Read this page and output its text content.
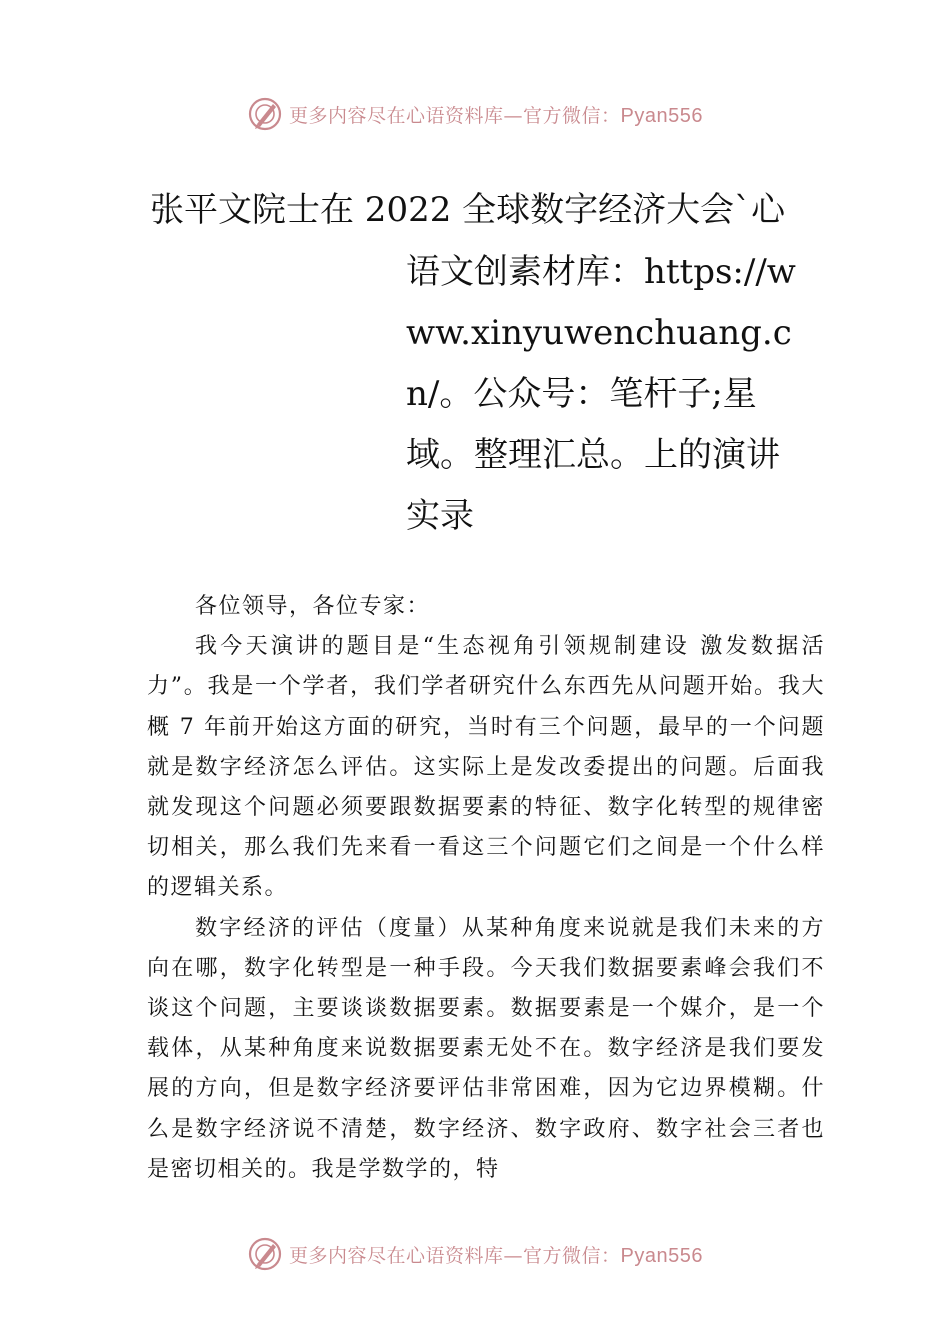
更多内容尽在心语资料库—官方微信：Pyan556
张平文院士在 2022 全球数字经济大会`心
语文创素材库：https://www.xinyuwenchuang.cn/。公众号：笔杆子;星域。整理汇总。上的演讲实录

各位领导，各位专家：

我今天演讲的题目是“生态视角引领规制建设 激发数据活力”。我是一个学者，我们学者研究什么东西先从问题开始。我大概 7 年前开始这方面的研究，当时有三个问题，最早的一个问题就是数字经济怎么评估。这实际上是发改委提出的问题。后面我就发现这个问题必须要跟数据要素的特征、数字化转型的规律密切相关，那么我们先来看一看这三个问题它们之间是一个什么样的逻辑关系。

数字经济的评估（度量）从某种角度来说就是我们未来的方向在哪，数字化转型是一种手段。今天我们数据要素峰会我们不谈这个问题，主要谈谈数据要素。数据要素是一个媒介，是一个载体，从某种角度来说数据要素无处不在。数字经济是我们要发展的方向，但是数字经济要评估非常困难，因为它边界模糊。什么是数字经济说不清楚，数字经济、数字政府、数字社会三者也是密切相关的。我是学数学的，特

更多内容尽在心语资料库—官方微信：Pyan556
